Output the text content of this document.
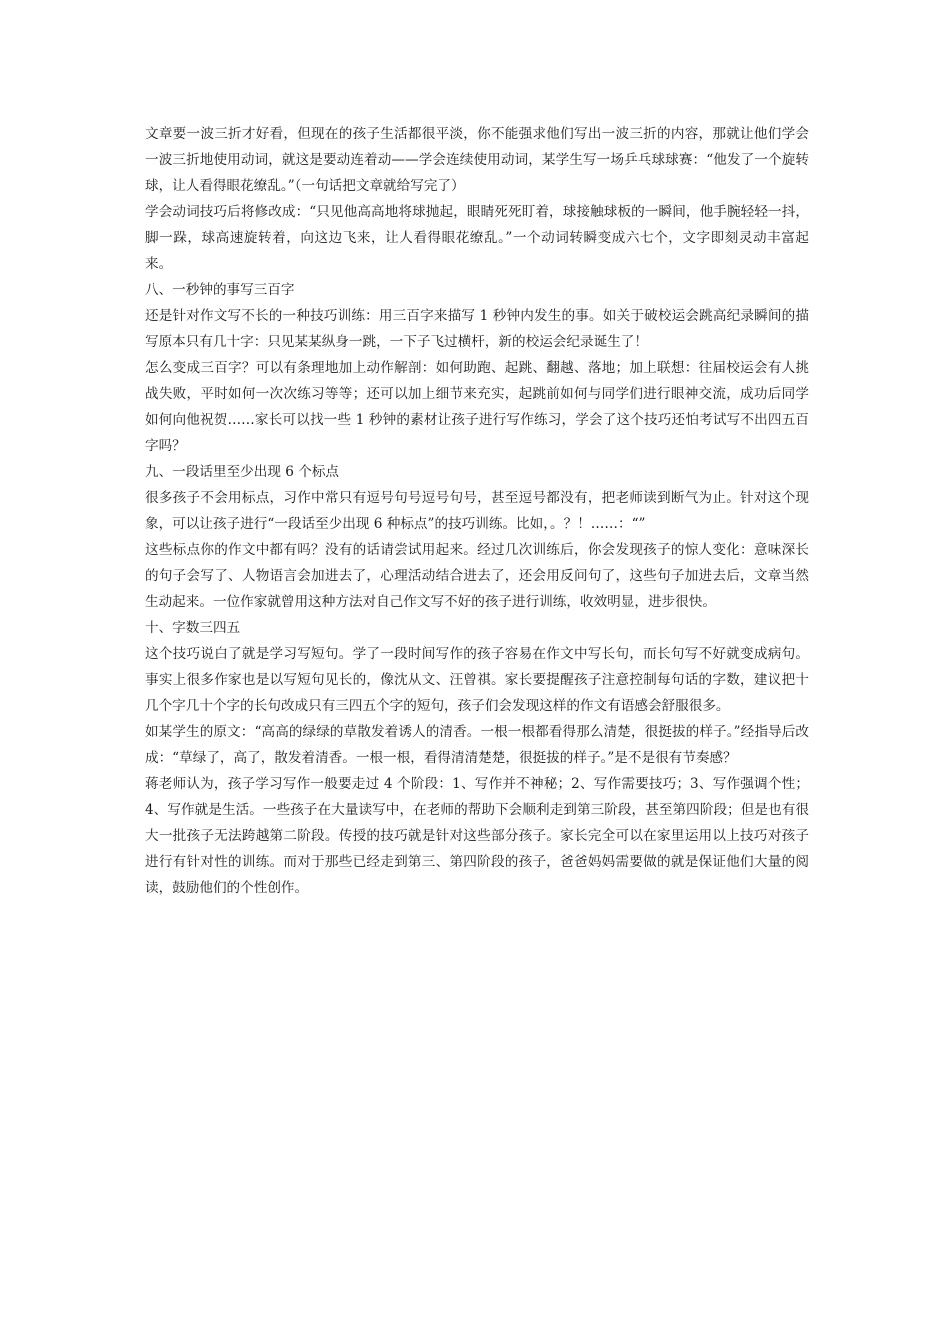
文章要一波三折才好看，但现在的孩子生活都很平淡，你不能强求他们写出一波三折的内容，那就让他们学会一波三折地使用动词，就这是要动连着动——学会连续使用动词，某学生写一场乒乓球球赛：“他发了一个旋转球，让人看得眼花缭乱。”（一句话把文章就给写完了）

学会动词技巧后将修改成：“只见他高高地将球抛起，眼睛死死盯着，球接触球板的一瞬间，他手腕轻轻一抖，脚一跺，球高速旋转着，向这边飞来，让人看得眼花缭乱。”一个动词转瞬变成六七个，文字即刻灵动丰富起来。

八、一秒钟的事写三百字

还是针对作文写不长的一种技巧训练：用三百字来描写 1 秒钟内发生的事。如关于破校运会跳高纪录瞬间的描写原本只有几十字：只见某某纵身一跳，一下子飞过横杆，新的校运会纪录诞生了！

怎么变成三百字？可以有条理地加上动作解剖：如何助跑、起跳、翻越、落地；加上联想：往届校运会有人挑战失败，平时如何一次次练习等等；还可以加上细节来充实，起跳前如何与同学们进行眼神交流，成功后同学如何向他祝贺……家长可以找一些 1 秒钟的素材让孩子进行写作练习，学会了这个技巧还怕考试写不出四五百字吗？

九、一段话里至少出现 6 个标点

很多孩子不会用标点，习作中常只有逗号句号逗号句号，甚至逗号都没有，把老师读到断气为止。针对这个现象，可以让孩子进行“一段话至少出现 6 种标点”的技巧训练。比如，。？！……：“”

这些标点你的作文中都有吗？没有的话请尝试用起来。经过几次训练后，你会发现孩子的惊人变化：意味深长的句子会写了、人物语言会加进去了，心理活动结合进去了，还会用反问句了，这些句子加进去后，文章当然生动起来。一位作家就曾用这种方法对自己作文写不好的孩子进行训练，收效明显，进步很快。

十、字数三四五

这个技巧说白了就是学习写短句。学了一段时间写作的孩子容易在作文中写长句，而长句写不好就变成病句。事实上很多作家也是以写短句见长的，像沈从文、汪曾祺。家长要提醒孩子注意控制每句话的字数，建议把十几个字几十个字的长句改成只有三四五个字的短句，孩子们会发现这样的作文有语感会舒服很多。

如某学生的原文：“高高的绿绿的草散发着诱人的清香。一根一根都看得那么清楚，很挺拔的样子。”经指导后改成：“草绿了，高了，散发着清香。一根一根，看得清清楚楚，很挺拔的样子。”是不是很有节奏感？

蒋老师认为，孩子学习写作一般要走过 4 个阶段：1、写作并不神秘；2、写作需要技巧；3、写作强调个性；4、写作就是生活。一些孩子在大量读写中，在老师的帮助下会顺利走到第三阶段，甚至第四阶段；但是也有很大一批孩子无法跨越第二阶段。传授的技巧就是针对这些部分孩子。家长完全可以在家里运用以上技巧对孩子进行有针对性的训练。而对于那些已经走到第三、第四阶段的孩子，爸爸妈妈需要做的就是保证他们大量的阅读，鼓励他们的个性创作。
